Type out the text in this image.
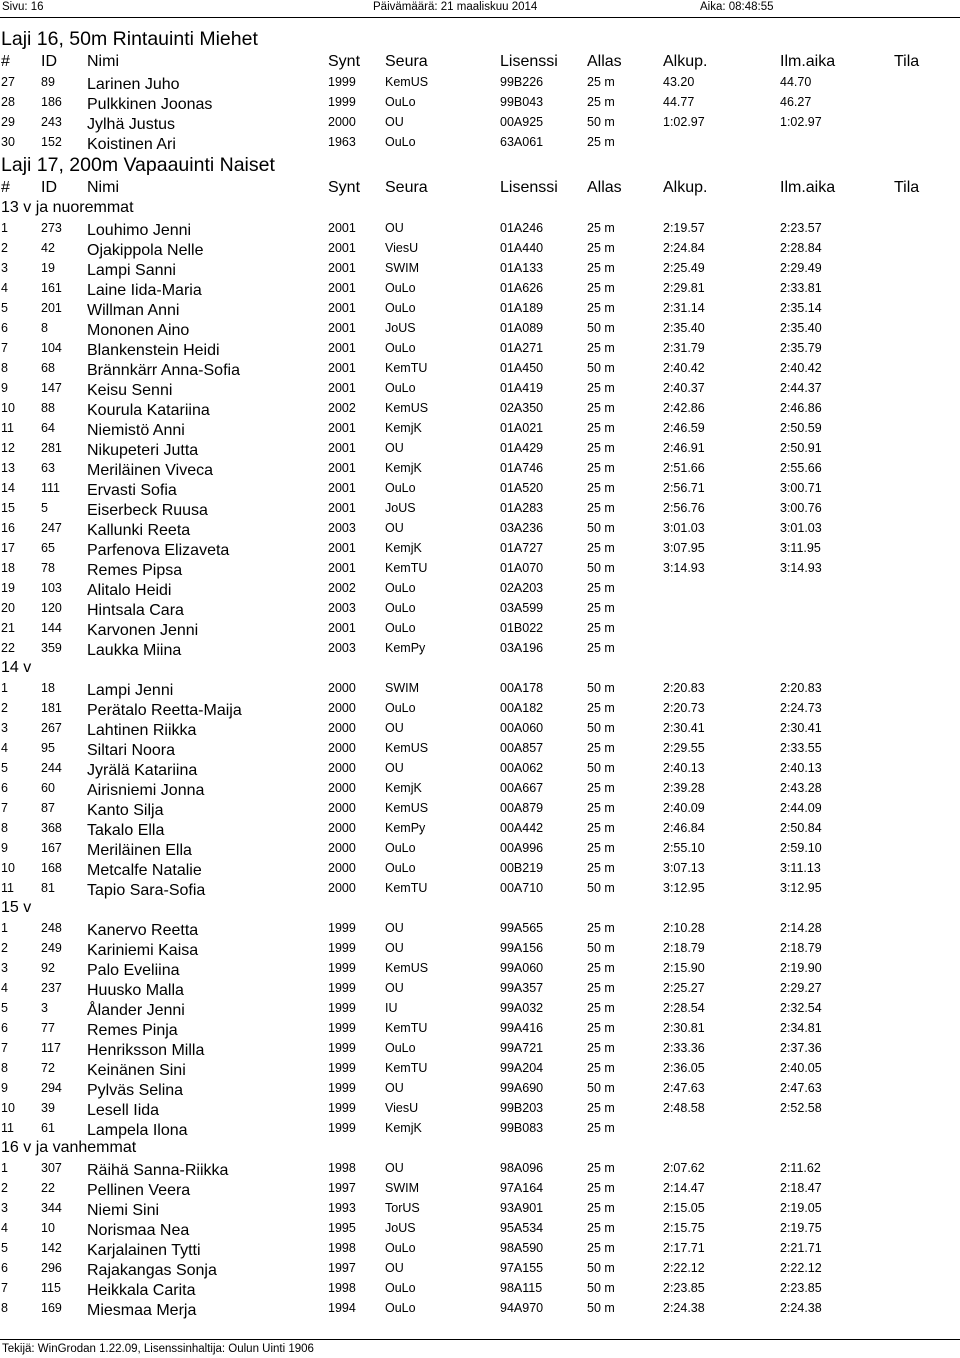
Sivu: 16	Päivämäärä: 21 maaliskuu 2014	Aika: 08:48:55
Laji 16, 50m Rintauinti Miehet
# ID Nimi	Synt Seura	Lisenssi Allas	Alkup.	Ilm.aika	Tila
27 89 Larinen Juho	1999 KemUS	99B226	25 m	43.20	44.70
28 186 Pulkkinen Joonas	1999 OuLo	99B043	25 m	44.77	46.27
29 243 Jylhä Justus	2000 OU	00A925	50 m	1:02.97	1:02.97
30 152 Koistinen Ari	1963 OuLo	63A061	25 m
Laji 17, 200m Vapaauinti Naiset
# ID Nimi	Synt Seura	Lisenssi Allas	Alkup.	Ilm.aika	Tila
13 v ja nuoremmat
1	273 Louhimo Jenni	2001 OU	01A246	25 m	2:19.57	2:23.57
2	42 Ojakippola Nelle	2001 ViesU	01A440	25 m	2:24.84	2:28.84
3	19 Lampi Sanni	2001 SWIM	01A133	25 m	2:25.49	2:29.49
4	161 Laine Iida-Maria	2001 OuLo	01A626	25 m	2:29.81	2:33.81
5	201 Willman Anni	2001 OuLo	01A189	25 m	2:31.14	2:35.14
6	8 Mononen Aino	2001 JoUS	01A089	50 m	2:35.40	2:35.40
7	104 Blankenstein Heidi	2001 OuLo	01A271	25 m	2:31.79	2:35.79
8	68 Brännkärr Anna-Sofia	2001 KemTU	01A450	50 m	2:40.42	2:40.42
9	147 Keisu Senni	2001 OuLo	01A419	25 m	2:40.37	2:44.37
10 88 Kourula Katariina	2002 KemUS	02A350	25 m	2:42.86	2:46.86
11 64 Niemistö Anni	2001 KemjK	01A021	25 m	2:46.59	2:50.59
12 281 Nikupeteri Jutta	2001 OU	01A429	25 m	2:46.91	2:50.91
13 63 Meriläinen Viveca	2001 KemjK	01A746	25 m	2:51.66	2:55.66
14 111 Ervasti Sofia	2001 OuLo	01A520	25 m	2:56.71	3:00.71
15 5 Eiserbeck Ruusa	2001 JoUS	01A283	25 m	2:56.76	3:00.76
16 247 Kallunki Reeta	2003 OU	03A236	50 m	3:01.03	3:01.03
17 65 Parfenova Elizaveta	2001 KemjK	01A727	25 m	3:07.95	3:11.95
18 78 Remes Pipsa	2001 KemTU	01A070	50 m	3:14.93	3:14.93
19 103 Alitalo Heidi	2002 OuLo	02A203	25 m
20 120 Hintsala Cara	2003 OuLo	03A599	25 m
21 144 Karvonen Jenni	2001 OuLo	01B022	25 m
22 359 Laukka Miina	2003 KemPy	03A196	25 m
14 v
1	18 Lampi Jenni	2000 SWIM	00A178	50 m	2:20.83	2:20.83
2	181 Perätalo Reetta-Maija	2000 OuLo	00A182	25 m	2:20.73	2:24.73
3	267 Lahtinen Riikka	2000 OU	00A060	50 m	2:30.41	2:30.41
4	95 Siltari Noora	2000 KemUS	00A857	25 m	2:29.55	2:33.55
5	244 Jyrälä Katariina	2000 OU	00A062	50 m	2:40.13	2:40.13
6	60 Airisniemi Jonna	2000 KemjK	00A667	25 m	2:39.28	2:43.28
7	87 Kanto Silja	2000 KemUS	00A879	25 m	2:40.09	2:44.09
8	368 Takalo Ella	2000 KemPy	00A442	25 m	2:46.84	2:50.84
9	167 Meriläinen Ella	2000 OuLo	00A996	25 m	2:55.10	2:59.10
10 168 Metcalfe Natalie	2000 OuLo	00B219	25 m	3:07.13	3:11.13
11 81 Tapio Sara-Sofia	2000 KemTU	00A710	50 m	3:12.95	3:12.95
15 v
1	248 Kanervo Reetta	1999 OU	99A565	25 m	2:10.28	2:14.28
2	249 Kariniemi Kaisa	1999 OU	99A156	50 m	2:18.79	2:18.79
3	92 Palo Eveliina	1999 KemUS	99A060	25 m	2:15.90	2:19.90
4	237 Huusko Malla	1999 OU	99A357	25 m	2:25.27	2:29.27
5	3 Ålander Jenni	1999 IU	99A032	25 m	2:28.54	2:32.54
6	77 Remes Pinja	1999 KemTU	99A416	25 m	2:30.81	2:34.81
7	117 Henriksson Milla	1999 OuLo	99A721	25 m	2:33.36	2:37.36
8	72 Keinänen Sini	1999 KemTU	99A204	25 m	2:36.05	2:40.05
9	294 Pylväs Selina	1999 OU	99A690	50 m	2:47.63	2:47.63
10 39 Lesell Iida	1999 ViesU	99B203	25 m	2:48.58	2:52.58
11 61 Lampela Ilona	1999 KemjK	99B083	25 m
16 v ja vanhemmat
1	307 Räihä Sanna-Riikka	1998 OU	98A096	25 m	2:07.62	2:11.62
2	22 Pellinen Veera	1997 SWIM	97A164	25 m	2:14.47	2:18.47
3	344 Niemi Sini	1993 TorUS	93A901	25 m	2:15.05	2:19.05
4	10 Norismaa Nea	1995 JoUS	95A534	25 m	2:15.75	2:19.75
5	142 Karjalainen Tytti	1998 OuLo	98A590	25 m	2:17.71	2:21.71
6	296 Rajakangas Sonja	1997 OU	97A155	50 m	2:22.12	2:22.12
7	115 Heikkala Carita	1998 OuLo	98A115	50 m	2:23.85	2:23.85
8	169 Miesmaa Merja	1994 OuLo	94A970	50 m	2:24.38	2:24.38
Tekijä: WinGrodan 1.22.09, Lisenssinhaltija: Oulun Uinti 1906
